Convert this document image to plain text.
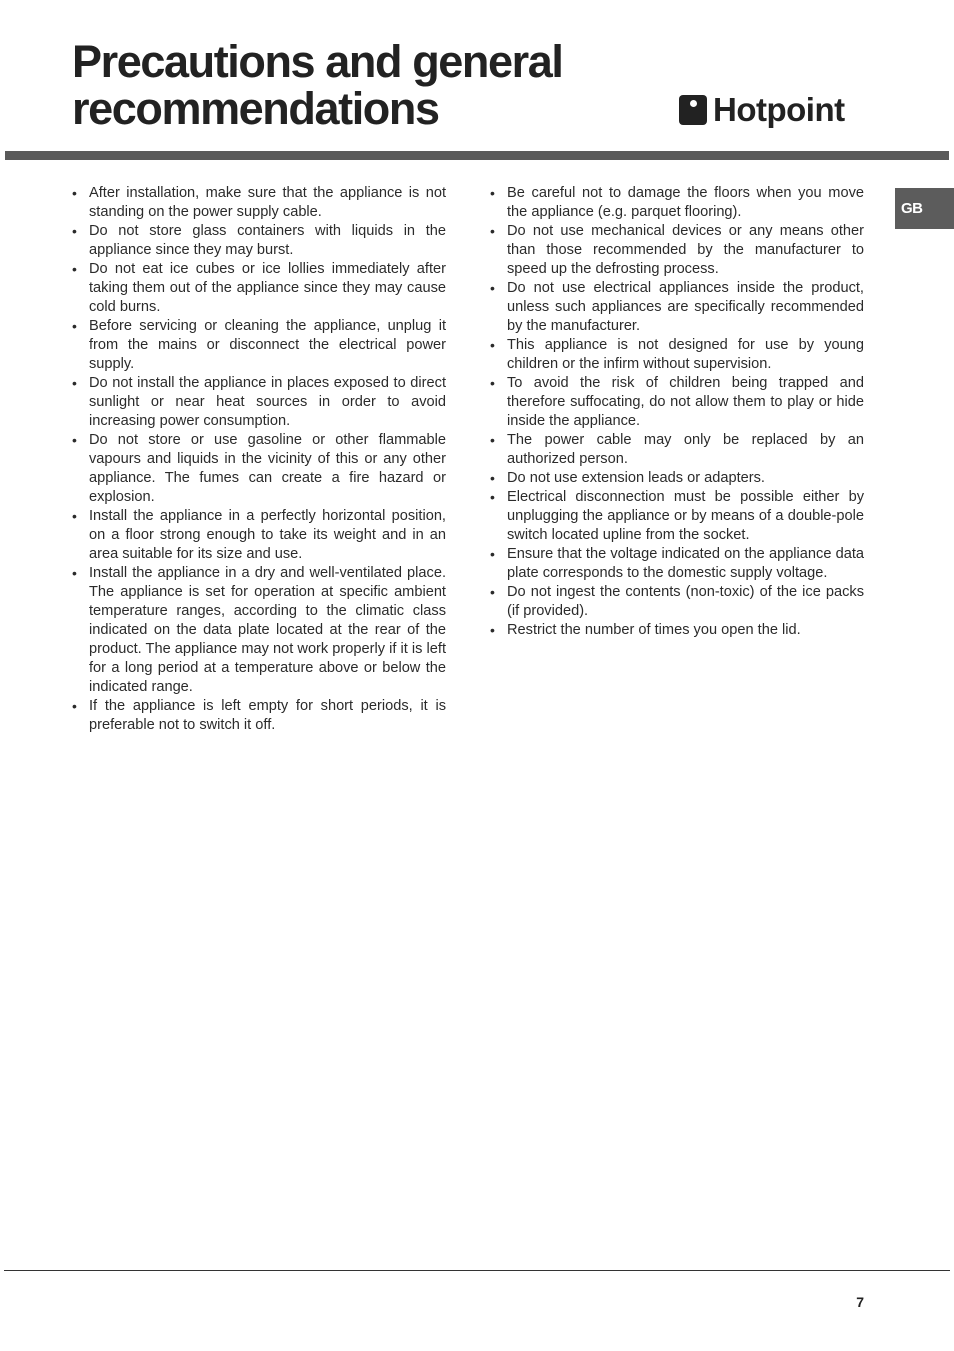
Precautions and general recommendations	Hotpoint
GB
• After installation, make sure that the appliance is not standing on the power supply cable.
• Do not store glass containers with liquids in the appliance since they may burst.
• Do not eat ice cubes or ice lollies immediately after taking them out of the appliance since they may cause cold burns.
• Before servicing or cleaning the appliance, unplug it from the mains or disconnect the electrical power supply.
• Do not install the appliance in places exposed to direct sunlight or near heat sources in order to avoid increasing power consumption.
• Do not store or use gasoline or other flammable vapours and liquids in the vicinity of this or any other appliance. The fumes can create a fire hazard or explosion.
• Install the appliance in a perfectly horizontal position, on a floor strong enough to take its weight and in an area suitable for its size and use.
• Install the appliance in a dry and well-ventilated place. The appliance is set for operation at specific ambient temperature ranges, according to the climatic class indicated on the data plate located at the rear of the product. The appliance may not work properly if it is left for a long period at a temperature above or below the indicated range.
• If the appliance is left empty for short periods, it is preferable not to switch it off.
• Be careful not to damage the floors when you move the appliance (e.g. parquet flooring).
• Do not use mechanical devices or any means other than those recommended by the manufacturer to speed up the defrosting process.
• Do not use electrical appliances inside the product, unless such appliances are specifically recommended by the manufacturer.
• This appliance is not designed for use by young children or the infirm without supervision.
• To avoid the risk of children being trapped and therefore suffocating, do not allow them to play or hide inside the appliance.
• The power cable may only be replaced by an authorized person.
• Do not use extension leads or adapters.
• Electrical disconnection must be possible either by unplugging the appliance or by means of a double-pole switch located upline from the socket.
• Ensure that the voltage indicated on the appliance data plate corresponds to the domestic supply voltage.
• Do not ingest the contents (non-toxic) of the ice packs (if provided).
• Restrict the number of times you open the lid.
7
